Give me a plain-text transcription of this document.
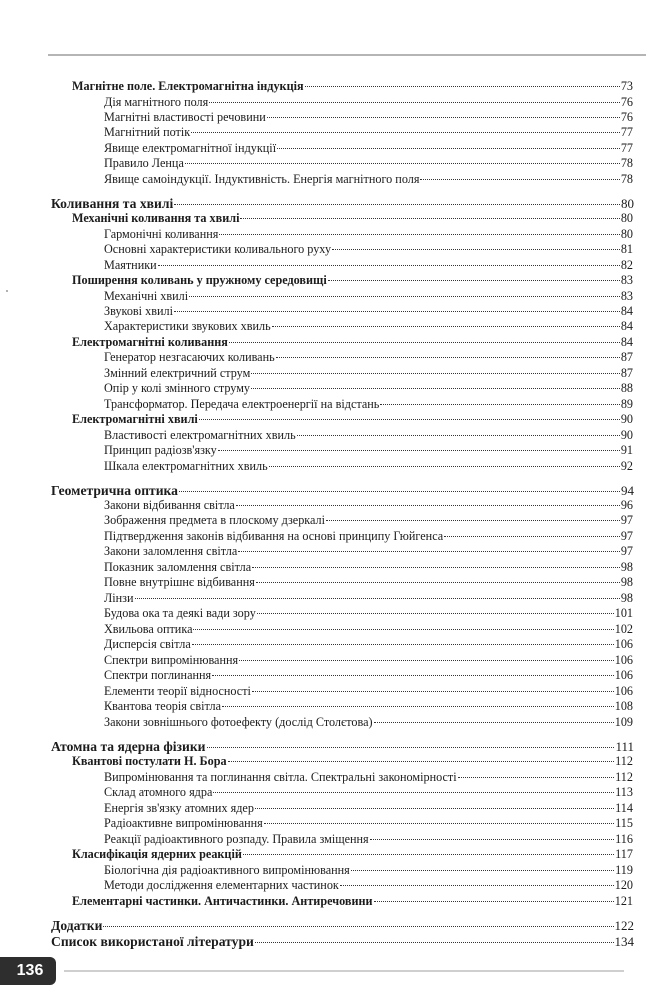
Магнітне поле. Електромагнітна індукція	73
Дія магнітного поля	76
Магнітні властивості речовини	76
Магнітний потік	77
Явище електромагнітної індукції	77
Правило Ленца	78
Явище самоіндукції. Індуктивність. Енергія магнітного поля	78
Коливання та хвилі	80
Механічні коливання та хвилі	80
Гармонічні коливання	80
Основні характеристики коливального руху	81
Маятники	82
Поширення коливань у пружному середовищі	83
Механічні хвилі	83
Звукові хвилі	84
Характеристики звукових хвиль	84
Електромагнітні коливання	84
Генератор незгасаючих коливань	87
Змінний електричний струм	87
Опір у колі змінного струму	88
Трансформатор. Передача електроенергії на відстань	89
Електромагнітні хвилі	90
Властивості електромагнітних хвиль	90
Принцип радіозв'язку	91
Шкала електромагнітних хвиль	92
Геометрична оптика	94
Закони відбивання світла	96
Зображення предмета в плоскому дзеркалі	97
Підтвердження законів відбивання на основі принципу Гюйгенса	97
Закони заломлення світла	97
Показник заломлення світла	98
Повне внутрішнє відбивання	98
Лінзи	98
Будова ока та деякі вади зору	101
Хвильова оптика	102
Дисперсія світла	106
Спектри випромінювання	106
Спектри поглинання	106
Елементи теорії відносності	106
Квантова теорія світла	108
Закони зовнішнього фотоефекту (дослід Столєтова)	109
Атомна та ядерна фізики	111
Квантові постулати Н. Бора	112
Випромінювання та поглинання світла. Спектральні закономірності	112
Склад атомного ядра	113
Енергія зв'язку атомних ядер	114
Радіоактивне випромінювання	115
Реакції радіоактивного розпаду. Правила зміщення	116
Класифікація ядерних реакцій	117
Біологічна дія радіоактивного випромінювання	119
Методи дослідження елементарних частинок	120
Елементарні частинки. Античастинки. Антиречовини	121
Додатки	122
Список використаної літератури	134
136
